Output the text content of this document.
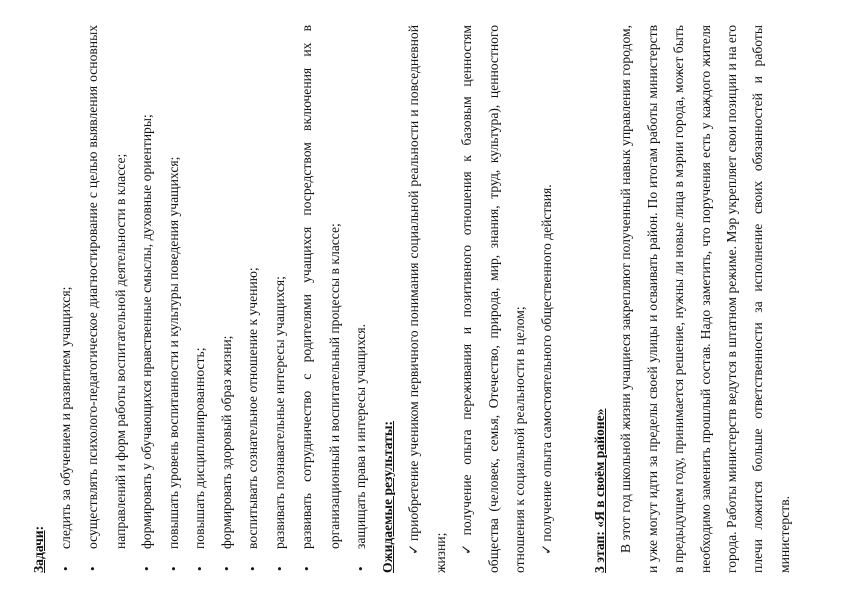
Задачи: • следить за обучением и развитием учащихся; • осуществлять психолого-педагогическое диагностирование с целью выявления основных направлений и форм работы воспитательной деятельности в классе; • формировать у обучающихся нравственные смыслы, духовные ориентиры; • повышать уровень воспитанности и культуры поведения учащихся; • повышать дисциплинированность; • формировать здоровый образ жизни; • воспитывать сознательное отношение к учению; • развивать познавательные интересы учащихся; • развивать сотрудничество с родителями учащихся посредством включения их в организационный и воспитательный процессы в классе; • защищать права и интересы учащихся. Ожидаемые результаты: ✓приобретение учеником первичного понимания социальной реальности и повседневной жизни; ✓получение опыта переживания и позитивного отношения к базовым ценностям общества (человек, семья, Отечество, природа, мир, знания, труд, культура), ценностного отношения к социальной реальности в целом; ✓получение опыта самостоятельного общественного действия.	3 этап: «Я в своём районе» В этот год школьной жизни учащиеся закрепляют полученный навык управления городом, и уже могут идти за пределы своей улицы и осваивать район. По итогам работы министерств в предыдущем году, принимается решение, нужны ли новые лица в мэрии города, может быть необходимо заменить прошлый состав. Надо заметить, что поручения есть у каждого жителя города. Работы министерств ведутся в штатном режиме. Мэр укрепляет свои позиции и на его плечи ложится больше ответственности за исполнение своих обязанностей и работы министерств.
